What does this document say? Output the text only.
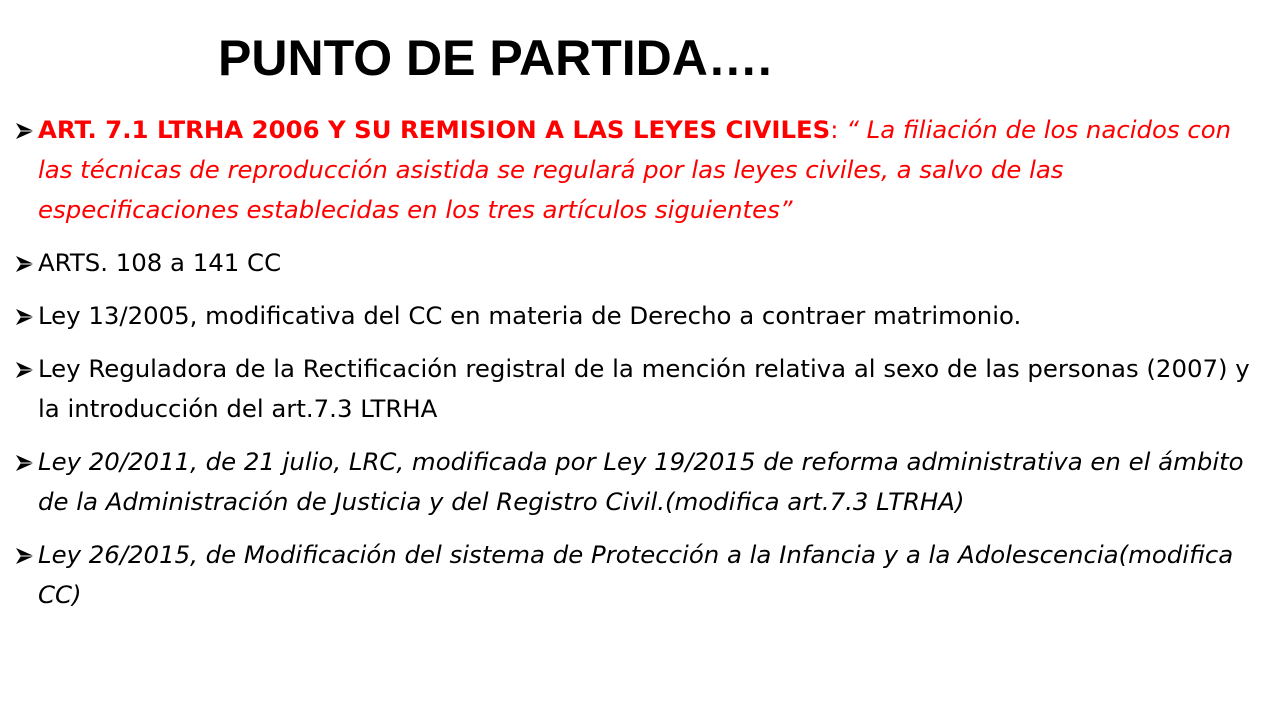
PUNTO DE PARTIDA….
ART. 7.1 LTRHA 2006 Y SU REMISION A LAS LEYES CIVILES: “ La filiación de los nacidos con las técnicas de reproducción asistida se regulará por las leyes civiles, a salvo de las especificaciones establecidas en los tres artículos siguientes”
ARTS. 108 a 141 CC
Ley 13/2005, modificativa del CC en materia de Derecho a contraer matrimonio.
Ley Reguladora de la Rectificación registral de la mención relativa al sexo de las personas (2007) y la introducción del art.7.3 LTRHA
Ley 20/2011, de 21 julio, LRC, modificada por Ley 19/2015 de reforma administrativa en el ámbito de la Administración de Justicia y del Registro Civil.(modifica art.7.3 LTRHA)
Ley 26/2015, de Modificación del sistema de Protección a la Infancia y a la Adolescencia(modifica CC)
